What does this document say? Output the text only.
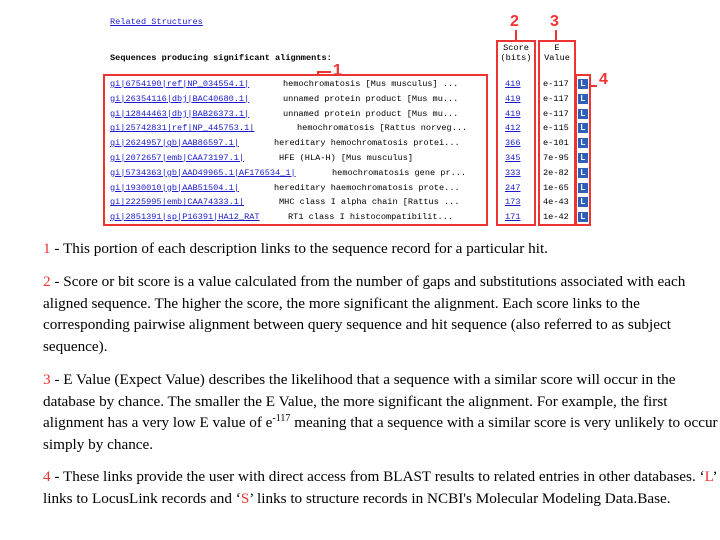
Related Structures
Sequences producing significant alignments:
Score
(bits)
E
Value
gi|6754190|ref|NP_034554.1|	hemochromatosis [Mus musculus] ...	419	e-117	L
gi|26354116|dbj|BAC40680.1|	unnamed protein product [Mus mu...	419	e-117	L
gi|12844463|dbj|BAB26373.1|	unnamed protein product [Mus mu...	419	e-117	L
gi|25742831|ref|NP_445753.1|	hemochromatosis [Rattus norveg...	412	e-115	L
gi|2624957|gb|AAB86597.1|	hereditary hemochromatosis protei...	366	e-101	L
gi|2072657|emb|CAA73197.1|	HFE (HLA-H) [Mus musculus]	345	7e-95	L
gi|5734363|gb|AAD49965.1|AF176534_1|	hemochromatosis gene pr...	333	2e-82	L
gi|1930010|gb|AAB51504.1|	hereditary haemochromatosis prote...	247	1e-65	L
gi|2225995|emb|CAA74333.1|	MHC class I alpha chain [Rattus ...	173	4e-43	L
gi|2851391|sp|P16391|HA12_RAT	RT1 class I histocompatibilit...	171	1e-42	L
1
2 3
4
1 - This portion of each description links to the sequence record for a particular hit.
2 - Score or bit score is a value calculated from the number of gaps and substitutions associated with each aligned sequence. The higher the score, the more significant the alignment. Each score links to the corresponding pairwise alignment between query sequence and hit sequence (also referred to as subject sequence).
3 - E Value (Expect Value) describes the likelihood that a sequence with a similar score will occur in the database by chance. The smaller the E Value, the more significant the alignment. For example, the first alignment has a very low E value of $e^{-117}$ meaning that a sequence with a similar score is very unlikely to occur simply by chance.
4 - These links provide the user with direct access from BLAST results to related entries in other databases. ‘L’ links to LocusLink records and ‘S’ links to structure records in NCBI's Molecular Modeling Data.Base.
